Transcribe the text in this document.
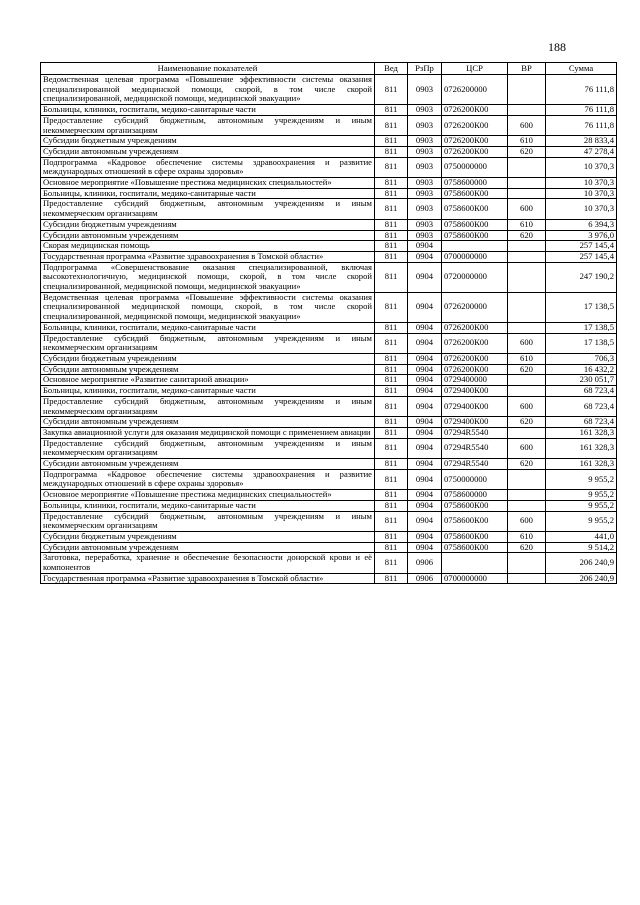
188
Наименование показателей	Вед	РзПр	ЦСР	ВР	Сумма
Ведомственная целевая программа «Повышение эффективности системы оказания специализированной медицинской помощи, скорой, в том числе скорой специализированной, медицинской помощи, медицинской эвакуации»	811	0903	0726200000		76 111,8
Больницы, клиники, госпитали, медико-санитарные части	811	0903	0726200К00		76 111,8
Предоставление субсидий бюджетным, автономным учреждениям и иным некоммерческим организациям	811	0903	0726200К00	600	76 111,8
Субсидии бюджетным учреждениям	811	0903	0726200К00	610	28 833,4
Субсидии автономным учреждениям	811	0903	0726200К00	620	47 278,4
Подпрограмма «Кадровое обеспечение системы здравоохранения и развитие международных отношений в сфере охраны здоровья»	811	0903	0750000000		10 370,3
Основное мероприятие «Повышение престижа медицинских специальностей»	811	0903	0758600000		10 370,3
Больницы, клиники, госпитали, медико-санитарные части	811	0903	0758600К00		10 370,3
Предоставление субсидий бюджетным, автономным учреждениям и иным некоммерческим организациям	811	0903	0758600К00	600	10 370,3
Субсидии бюджетным учреждениям	811	0903	0758600К00	610	6 394,3
Субсидии автономным учреждениям	811	0903	0758600К00	620	3 976,0
Скорая медицинская помощь	811	0904			257 145,4
Государственная программа «Развитие здравоохранения в Томской области»	811	0904	0700000000		257 145,4
Подпрограмма «Совершенствование оказания специализированной, включая высокотехнологичную, медицинской помощи, скорой, в том числе скорой специализированной, медицинской помощи, медицинской эвакуации»	811	0904	0720000000		247 190,2
Ведомственная целевая программа «Повышение эффективности системы оказания специализированной медицинской помощи, скорой, в том числе скорой специализированной, медицинской помощи, медицинской эвакуации»	811	0904	0726200000		17 138,5
Больницы, клиники, госпитали, медико-санитарные части	811	0904	0726200К00		17 138,5
Предоставление субсидий бюджетным, автономным учреждениям и иным некоммерческим организациям	811	0904	0726200К00	600	17 138,5
Субсидии бюджетным учреждениям	811	0904	0726200К00	610	706,3
Субсидии автономным учреждениям	811	0904	0726200К00	620	16 432,2
Основное мероприятие «Развитие санитарной авиации»	811	0904	0729400000		230 051,7
Больницы, клиники, госпитали, медико-санитарные части	811	0904	0729400К00		68 723,4
Предоставление субсидий бюджетным, автономным учреждениям и иным некоммерческим организациям	811	0904	0729400К00	600	68 723,4
Субсидии автономным учреждениям	811	0904	0729400К00	620	68 723,4
Закупка авиационной услуги для оказания медицинской помощи с применением авиации	811	0904	07294R5540		161 328,3
Предоставление субсидий бюджетным, автономным учреждениям и иным некоммерческим организациям	811	0904	07294R5540	600	161 328,3
Субсидии автономным учреждениям	811	0904	07294R5540	620	161 328,3
Подпрограмма «Кадровое обеспечение системы здравоохранения и развитие международных отношений в сфере охраны здоровья»	811	0904	0750000000		9 955,2
Основное мероприятие «Повышение престижа медицинских специальностей»	811	0904	0758600000		9 955,2
Больницы, клиники, госпитали, медико-санитарные части	811	0904	0758600К00		9 955,2
Предоставление субсидий бюджетным, автономным учреждениям и иным некоммерческим организациям	811	0904	0758600К00	600	9 955,2
Субсидии бюджетным учреждениям	811	0904	0758600К00	610	441,0
Субсидии автономным учреждениям	811	0904	0758600К00	620	9 514,2
Заготовка, переработка, хранение и обеспечение безопасности донорской крови и её компонентов	811	0906			206 240,9
Государственная программа «Развитие здравоохранения в Томской области»	811	0906	0700000000		206 240,9
